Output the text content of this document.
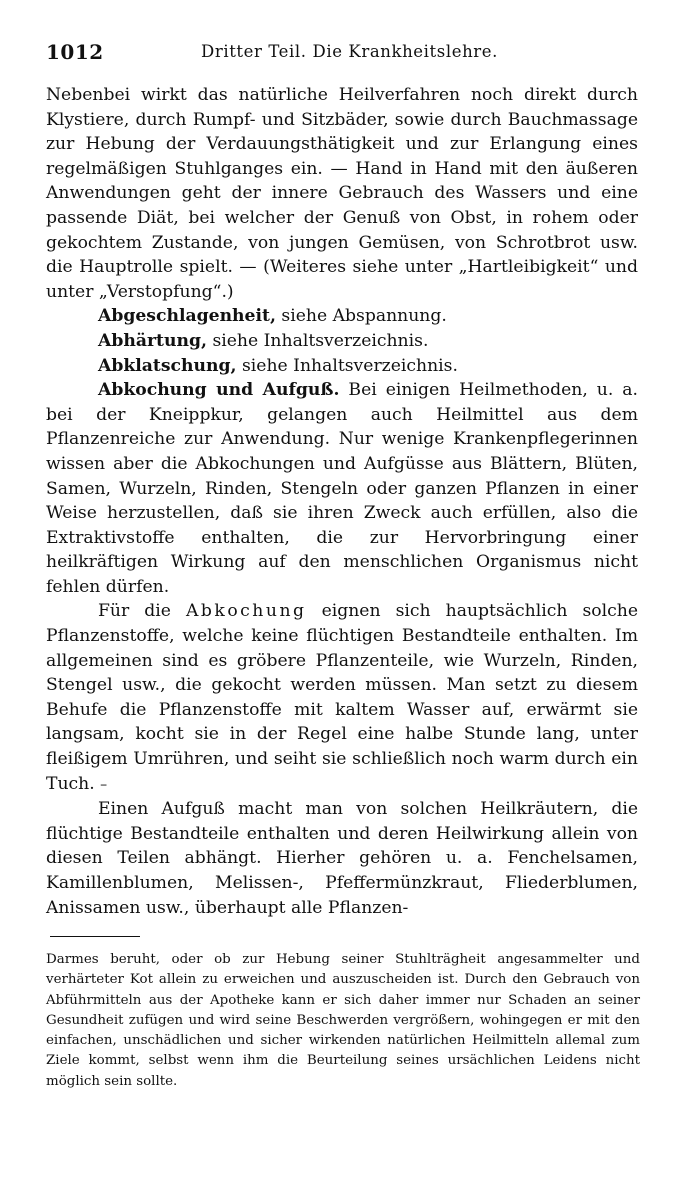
1012	Dritter Teil. Die Krankheitslehre.

Nebenbei wirkt das natürliche Heilverfahren noch direkt durch Klystiere, durch Rumpf- und Sitzbäder, sowie durch Bauchmassage zur Hebung der Verdauungsthätigkeit und zur Erlangung eines regelmäßigen Stuhlganges ein. — Hand in Hand mit den äußeren Anwendungen geht der innere Gebrauch des Wassers und eine passende Diät, bei welcher der Genuß von Obst, in rohem oder gekochtem Zustande, von jungen Gemüsen, von Schrotbrot usw. die Hauptrolle spielt. — (Weiteres siehe unter „Hartleibigkeit“ und unter „Verstopfung“.)

Abgeschlagenheit, siehe Abspannung.

Abhärtung, siehe Inhaltsverzeichnis.

Abklatschung, siehe Inhaltsverzeichnis.

Abkochung und Aufguß. Bei einigen Heilmethoden, u. a. bei der Kneippkur, gelangen auch Heilmittel aus dem Pflanzenreiche zur Anwendung. Nur wenige Krankenpflegerinnen wissen aber die Abkochungen und Aufgüsse aus Blättern, Blüten, Samen, Wurzeln, Rinden, Stengeln oder ganzen Pflanzen in einer Weise herzustellen, daß sie ihren Zweck auch erfüllen, also die Extraktivstoffe enthalten, die zur Hervorbringung einer heilkräftigen Wirkung auf den menschlichen Organismus nicht fehlen dürfen.

Für die Abkochung eignen sich hauptsächlich solche Pflanzenstoffe, welche keine flüchtigen Bestandteile enthalten. Im allgemeinen sind es gröbere Pflanzenteile, wie Wurzeln, Rinden, Stengel usw., die gekocht werden müssen. Man setzt zu diesem Behufe die Pflanzenstoffe mit kaltem Wasser auf, erwärmt sie langsam, kocht sie in der Regel eine halbe Stunde lang, unter fleißigem Umrühren, und seiht sie schließlich noch warm durch ein Tuch. –

Einen Aufguß macht man von solchen Heilkräutern, die flüchtige Bestandteile enthalten und deren Heilwirkung allein von diesen Teilen abhängt. Hierher gehören u. a. Fenchelsamen, Kamillenblumen, Melissen-, Pfeffermünzkraut, Fliederblumen, Anissamen usw., überhaupt alle Pflanzen-

Darmes beruht, oder ob zur Hebung seiner Stuhlträgheit angesammelter und verhärteter Kot allein zu erweichen und auszuscheiden ist. Durch den Gebrauch von Abführmitteln aus der Apotheke kann er sich daher immer nur Schaden an seiner Gesundheit zufügen und wird seine Beschwerden vergrößern, wohingegen er mit den einfachen, unschädlichen und sicher wirkenden natürlichen Heilmitteln allemal zum Ziele kommt, selbst wenn ihm die Beurteilung seines ursächlichen Leidens nicht möglich sein sollte.
